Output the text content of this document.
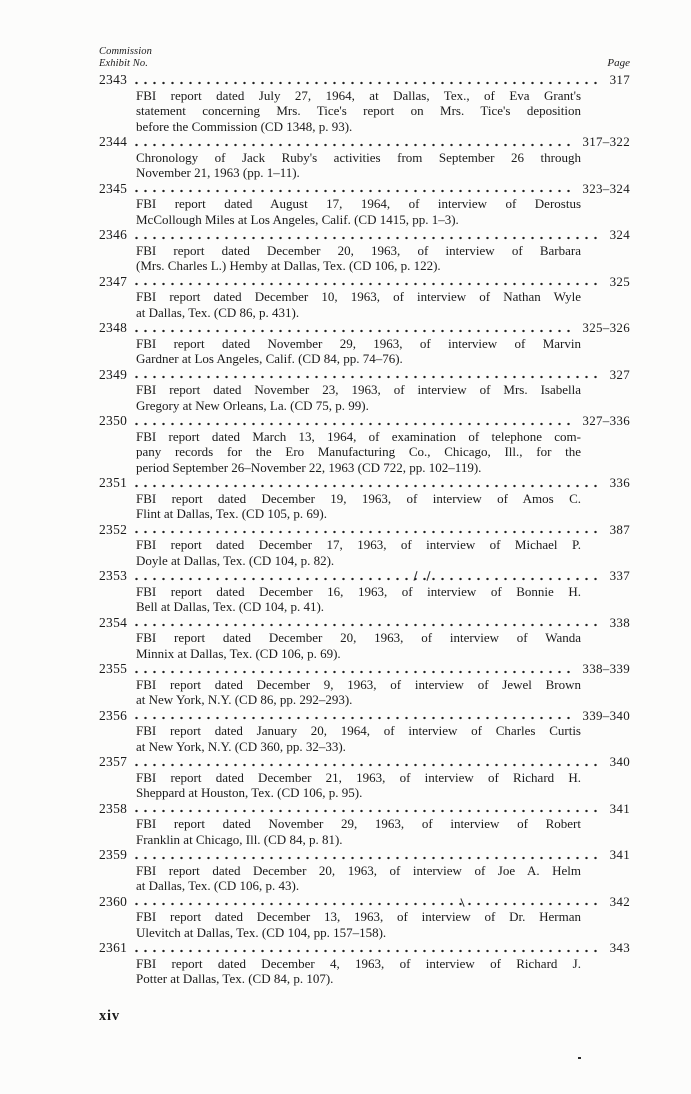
Commission
Exhibit No.	Page
2343	317
FBI report dated July 27, 1964, at Dallas, Tex., of Eva Grant's
statement concerning Mrs. Tice's report on Mrs. Tice's deposition
before the Commission (CD 1348, p. 93).
2344	317–322
Chronology of Jack Ruby's activities from September 26 through
November 21, 1963 (pp. 1–11).
2345	323–324
FBI report dated August 17, 1964, of interview of Derostus
McCollough Miles at Los Angeles, Calif. (CD 1415, pp. 1–3).
2346	324
FBI report dated December 20, 1963, of interview of Barbara
(Mrs. Charles L.) Hemby at Dallas, Tex. (CD 106, p. 122).
2347	325
FBI report dated December 10, 1963, of interview of Nathan Wyle
at Dallas, Tex. (CD 86, p. 431).
2348	325–326
FBI report dated November 29, 1963, of interview of Marvin
Gardner at Los Angeles, Calif. (CD 84, pp. 74–76).
2349	327
FBI report dated November 23, 1963, of interview of Mrs. Isabella
Gregory at New Orleans, La. (CD 75, p. 99).
2350	327–336
FBI report dated March 13, 1964, of examination of telephone com-
pany records for the Ero Manufacturing Co., Chicago, Ill., for the
period September 26–November 22, 1963 (CD 722, pp. 102–119).
2351	336
FBI report dated December 19, 1963, of interview of Amos C.
Flint at Dallas, Tex. (CD 105, p. 69).
2352	387
FBI report dated December 17, 1963, of interview of Michael P.
Doyle at Dallas, Tex. (CD 104, p. 82).
2353	337
FBI report dated December 16, 1963, of interview of Bonnie H.
Bell at Dallas, Tex. (CD 104, p. 41).
2354	338
FBI report dated December 20, 1963, of interview of Wanda
Minnix at Dallas, Tex. (CD 106, p. 69).
2355	338–339
FBI report dated December 9, 1963, of interview of Jewel Brown
at New York, N.Y. (CD 86, pp. 292–293).
2356	339–340
FBI report dated January 20, 1964, of interview of Charles Curtis
at New York, N.Y. (CD 360, pp. 32–33).
2357	340
FBI report dated December 21, 1963, of interview of Richard H.
Sheppard at Houston, Tex. (CD 106, p. 95).
2358	341
FBI report dated November 29, 1963, of interview of Robert
Franklin at Chicago, Ill. (CD 84, p. 81).
2359	341
FBI report dated December 20, 1963, of interview of Joe A. Helm
at Dallas, Tex. (CD 106, p. 43).
2360	342
FBI report dated December 13, 1963, of interview of Dr. Herman
Ulevitch at Dallas, Tex. (CD 104, pp. 157–158).
2361	343
FBI report dated December 4, 1963, of interview of Richard J.
Potter at Dallas, Tex. (CD 84, p. 107).
xiv
